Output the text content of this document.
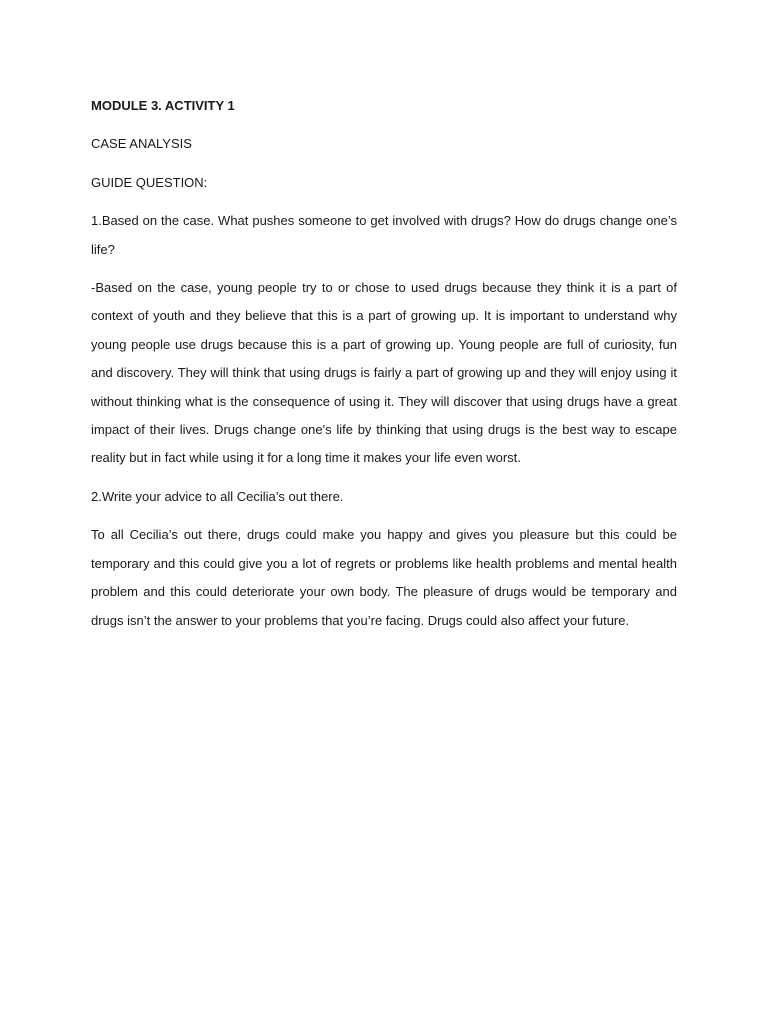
MODULE 3. ACTIVITY 1
CASE ANALYSIS
GUIDE QUESTION:

1.Based on the case. What pushes someone to get involved with drugs? How do drugs change one’s life?

-Based on the case, young people try to or chose to used drugs because they think it is a part of context of youth and they believe that this is a part of growing up. It is important to understand why young people use drugs because this is a part of growing up. Young people are full of curiosity, fun and discovery. They will think that using drugs is fairly a part of growing up and they will enjoy using it without thinking what is the consequence of using it. They will discover that using drugs have a great impact of their lives. Drugs change one's life by thinking that using drugs is the best way to escape reality but in fact while using it for a long time it makes your life even worst.

2.Write your advice to all Cecilia’s out there.

To all Cecilia’s out there, drugs could make you happy and gives you pleasure but this could be temporary and this could give you a lot of regrets or problems like health problems and mental health problem and this could deteriorate your own body. The pleasure of drugs would be temporary and drugs isn’t the answer to your problems that you’re facing. Drugs could also affect your future.
